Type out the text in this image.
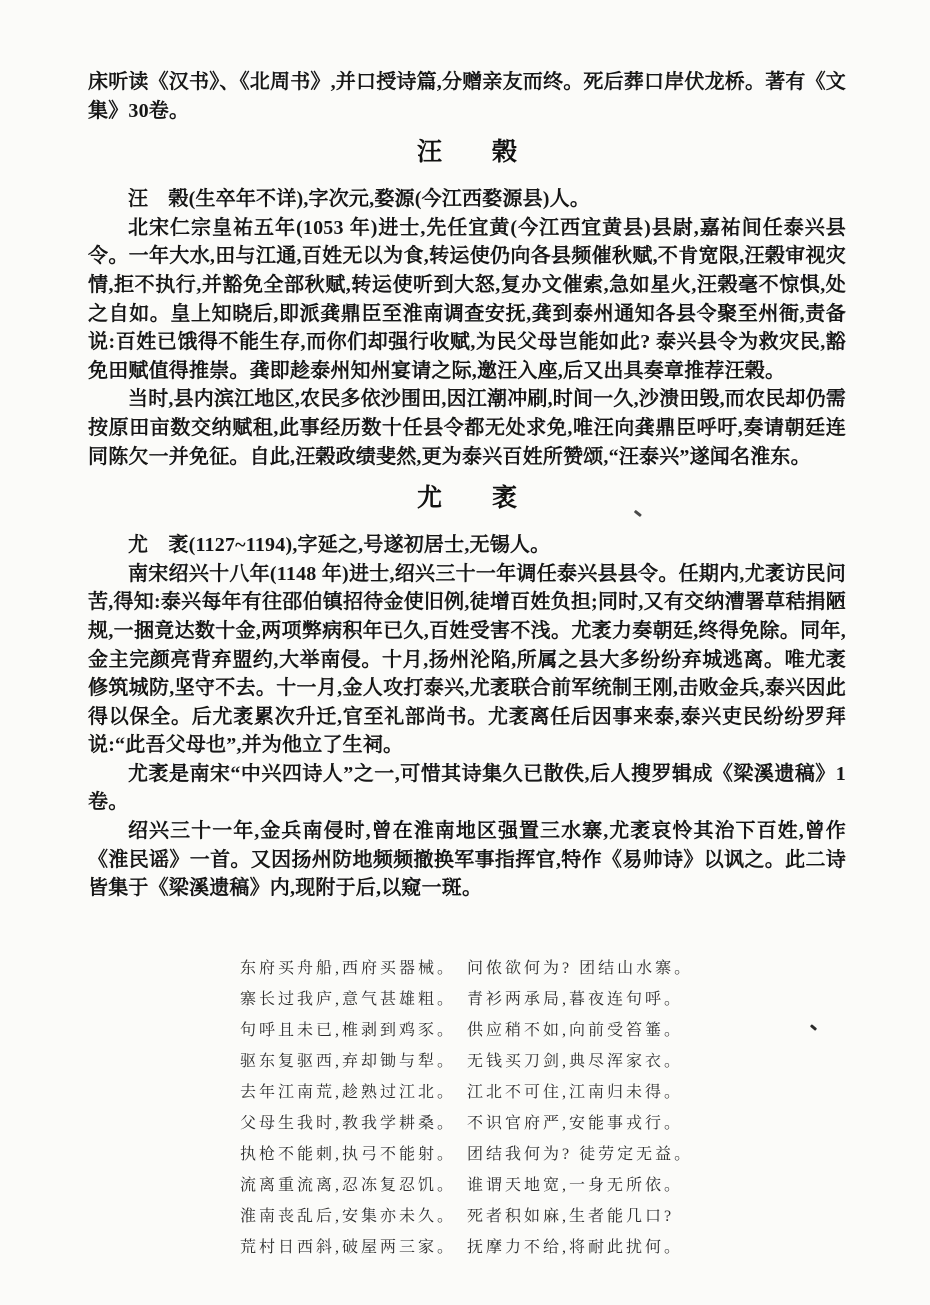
床听读《汉书》、《北周书》,并口授诗篇,分赠亲友而终。死后葬口岸伏龙桥。著有《文集》30卷。

汪　　榖

汪　榖(生卒年不详),字次元,婺源(今江西婺源县)人。

北宋仁宗皇祐五年(1053 年)进士,先任宜黄(今江西宜黄县)县尉,嘉祐间任泰兴县令。一年大水,田与江通,百姓无以为食,转运使仍向各县频催秋赋,不肯宽限,汪榖审视灾情,拒不执行,并豁免全部秋赋,转运使听到大怒,复办文催索,急如星火,汪榖毫不惊惧,处之自如。皇上知晓后,即派龚鼎臣至淮南调查安抚,龚到泰州通知各县令聚至州衙,责备说:百姓已饿得不能生存,而你们却强行收赋,为民父母岂能如此? 泰兴县令为救灾民,豁免田赋值得推崇。龚即趁泰州知州宴请之际,邀汪入座,后又出具奏章推荐汪榖。

当时,县内滨江地区,农民多依沙围田,因江潮冲刷,时间一久,沙溃田毁,而农民却仍需按原田亩数交纳赋租,此事经历数十任县令都无处求免,唯汪向龚鼎臣呼吁,奏请朝廷连同陈欠一并免征。自此,汪榖政绩斐然,更为泰兴百姓所赞颂,“汪泰兴”遂闻名淮东。

尤　　袤

尤　袤(1127~1194),字延之,号遂初居士,无锡人。

南宋绍兴十八年(1148 年)进士,绍兴三十一年调任泰兴县县令。任期内,尤袤访民问苦,得知:泰兴每年有往邵伯镇招待金使旧例,徒增百姓负担;同时,又有交纳漕署草秸捐陋规,一捆竟达数十金,两项弊病积年已久,百姓受害不浅。尤袤力奏朝廷,终得免除。同年,金主完颜亮背弃盟约,大举南侵。十月,扬州沦陷,所属之县大多纷纷弃城逃离。唯尤袤修筑城防,坚守不去。十一月,金人攻打泰兴,尤袤联合前军统制王刚,击败金兵,泰兴因此得以保全。后尤袤累次升迁,官至礼部尚书。尤袤离任后因事来泰,泰兴吏民纷纷罗拜说:“此吾父母也”,并为他立了生祠。

尤袤是南宋“中兴四诗人”之一,可惜其诗集久已散佚,后人搜罗辑成《梁溪遗稿》1卷。

绍兴三十一年,金兵南侵时,曾在淮南地区强置三水寨,尤袤哀怜其治下百姓,曾作《淮民谣》一首。又因扬州防地频频撤换军事指挥官,特作《易帅诗》以讽之。此二诗皆集于《梁溪遗稿》内,现附于后,以窥一斑。

东府买舟船,西府买器械。　问侬欲何为? 团结山水寨。
寨长过我庐,意气甚雄粗。　青衫两承局,暮夜连句呼。
句呼且未已,椎剥到鸡豕。　供应稍不如,向前受笞箠。
驱东复驱西,弃却锄与犁。　无钱买刀剑,典尽浑家衣。
去年江南荒,趁熟过江北。　江北不可住,江南归未得。
父母生我时,教我学耕桑。　不识官府严,安能事戎行。
执枪不能刺,执弓不能射。　团结我何为? 徒劳定无益。
流离重流离,忍冻复忍饥。　谁谓天地宽,一身无所依。
淮南丧乱后,安集亦未久。　死者积如麻,生者能几口?
荒村日西斜,破屋两三家。　抚摩力不给,将耐此扰何。
